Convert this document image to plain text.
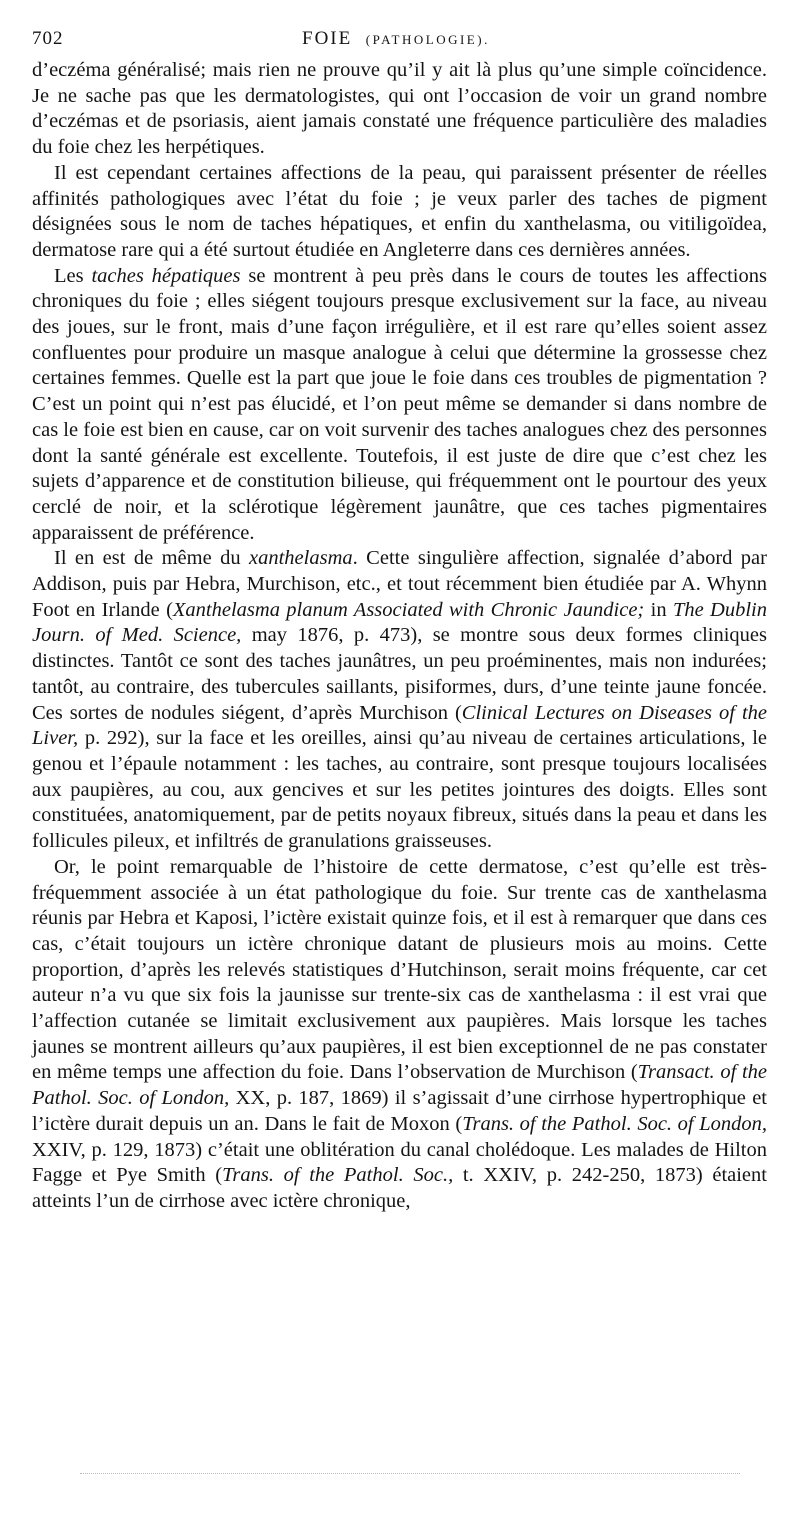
702	FOIE (PATHOLOGIE).

d’eczéma généralisé; mais rien ne prouve qu’il y ait là plus qu’une simple coïncidence. Je ne sache pas que les dermatologistes, qui ont l’occasion de voir un grand nombre d’eczémas et de psoriasis, aient jamais constaté une fréquence particulière des maladies du foie chez les herpétiques.

Il est cependant certaines affections de la peau, qui paraissent présenter de réelles affinités pathologiques avec l’état du foie ; je veux parler des taches de pigment désignées sous le nom de taches hépatiques, et enfin du xanthelasma, ou vitiligoïdea, dermatose rare qui a été surtout étudiée en Angleterre dans ces dernières années.

Les taches hépatiques se montrent à peu près dans le cours de toutes les affections chroniques du foie ; elles siégent toujours presque exclusivement sur la face, au niveau des joues, sur le front, mais d’une façon irrégulière, et il est rare qu’elles soient assez confluentes pour produire un masque analogue à celui que détermine la grossesse chez certaines femmes. Quelle est la part que joue le foie dans ces troubles de pigmentation ? C’est un point qui n’est pas élucidé, et l’on peut même se demander si dans nombre de cas le foie est bien en cause, car on voit survenir des taches analogues chez des personnes dont la santé générale est excellente. Toutefois, il est juste de dire que c’est chez les sujets d’apparence et de constitution bilieuse, qui fréquemment ont le pourtour des yeux cerclé de noir, et la sclérotique légèrement jaunâtre, que ces taches pigmentaires apparaissent de préférence.

Il en est de même du xanthelasma. Cette singulière affection, signalée d’abord par Addison, puis par Hebra, Murchison, etc., et tout récemment bien étudiée par A. Whynn Foot en Irlande (Xanthelasma planum Associated with Chronic Jaundice; in The Dublin Journ. of Med. Science, may 1876, p. 473), se montre sous deux formes cliniques distinctes. Tantôt ce sont des taches jaunâtres, un peu proéminentes, mais non indurées; tantôt, au contraire, des tubercules saillants, pisiformes, durs, d’une teinte jaune foncée. Ces sortes de nodules siégent, d’après Murchison (Clinical Lectures on Diseases of the Liver, p. 292), sur la face et les oreilles, ainsi qu’au niveau de certaines articulations, le genou et l’épaule notamment : les taches, au contraire, sont presque toujours localisées aux paupières, au cou, aux gencives et sur les petites jointures des doigts. Elles sont constituées, anatomiquement, par de petits noyaux fibreux, situés dans la peau et dans les follicules pileux, et infiltrés de granulations graisseuses.

Or, le point remarquable de l’histoire de cette dermatose, c’est qu’elle est très-fréquemment associée à un état pathologique du foie. Sur trente cas de xanthelasma réunis par Hebra et Kaposi, l’ictère existait quinze fois, et il est à remarquer que dans ces cas, c’était toujours un ictère chronique datant de plusieurs mois au moins. Cette proportion, d’après les relevés statistiques d’Hutchinson, serait moins fréquente, car cet auteur n’a vu que six fois la jaunisse sur trente-six cas de xanthelasma : il est vrai que l’affection cutanée se limitait exclusivement aux paupières. Mais lorsque les taches jaunes se montrent ailleurs qu’aux paupières, il est bien exceptionnel de ne pas constater en même temps une affection du foie. Dans l’observation de Murchison (Transact. of the Pathol. Soc. of London, XX, p. 187, 1869) il s’agissait d’une cirrhose hypertrophique et l’ictère durait depuis un an. Dans le fait de Moxon (Trans. of the Pathol. Soc. of London, XXIV, p. 129, 1873) c’était une oblitération du canal cholédoque. Les malades de Hilton Fagge et Pye Smith (Trans. of the Pathol. Soc., t. XXIV, p. 242-250, 1873) étaient atteints l’un de cirrhose avec ictère chronique,
